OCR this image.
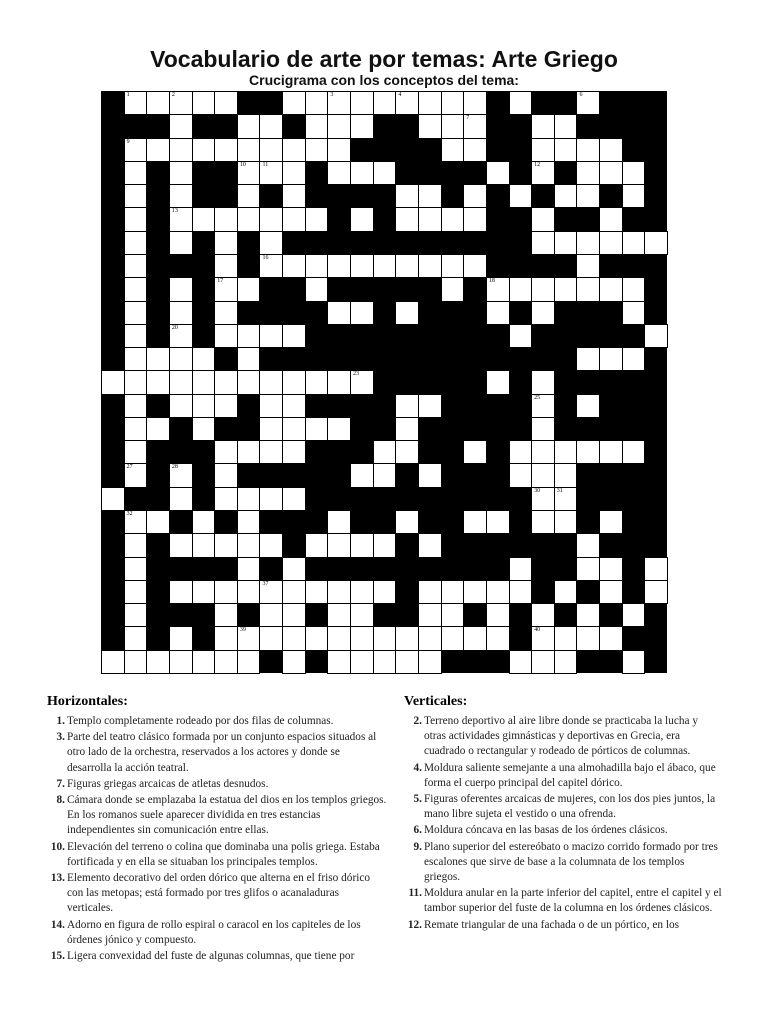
Vocabulario de arte por temas: Arte Griego
Crucigrama con los conceptos del tema:
1	2	3	4	6
7
9
10	11	12
13
16
17	18
20
23
25
27	28
30	31
32
37
39	40
Horizontales:	Verticales:
1. Templo completamente rodeado por dos filas de columnas.
3. Parte del teatro clásico formada por un conjunto espacios situados al otro lado de la orchestra, reservados a los actores y donde se desarrolla la acción teatral.
7. Figuras griegas arcaicas de atletas desnudos.
8. Cámara donde se emplazaba la estatua del dios en los templos griegos. En los romanos suele aparecer dividida en tres estancias independientes sin comunicación entre ellas.
10. Elevación del terreno o colina que dominaba una polis griega. Estaba fortificada y en ella se situaban los principales templos.
13. Elemento decorativo del orden dórico que alterna en el friso dórico con las metopas; está formado por tres glifos o acanaladuras verticales.
14. Adorno en figura de rollo espiral o caracol en los capiteles de los órdenes jónico y compuesto.
15. Ligera convexidad del fuste de algunas columnas, que tiene por
2. Terreno deportivo al aire libre donde se practicaba la lucha y otras actividades gimnásticas y deportivas en Grecia, era cuadrado o rectangular y rodeado de pórticos de columnas.
4. Moldura saliente semejante a una almohadilla bajo el ábaco, que forma el cuerpo principal del capitel dórico.
5. Figuras oferentes arcaicas de mujeres, con los dos pies juntos, la mano libre sujeta el vestido o una ofrenda.
6. Moldura cóncava en las basas de los órdenes clásicos.
9. Plano superior del estereóbato o macizo corrido formado por tres escalones que sirve de base a la columnata de los templos griegos.
11. Moldura anular en la parte inferior del capitel, entre el capitel y el tambor superior del fuste de la columna en los órdenes clásicos.
12. Remate triangular de una fachada o de un pórtico, en los
